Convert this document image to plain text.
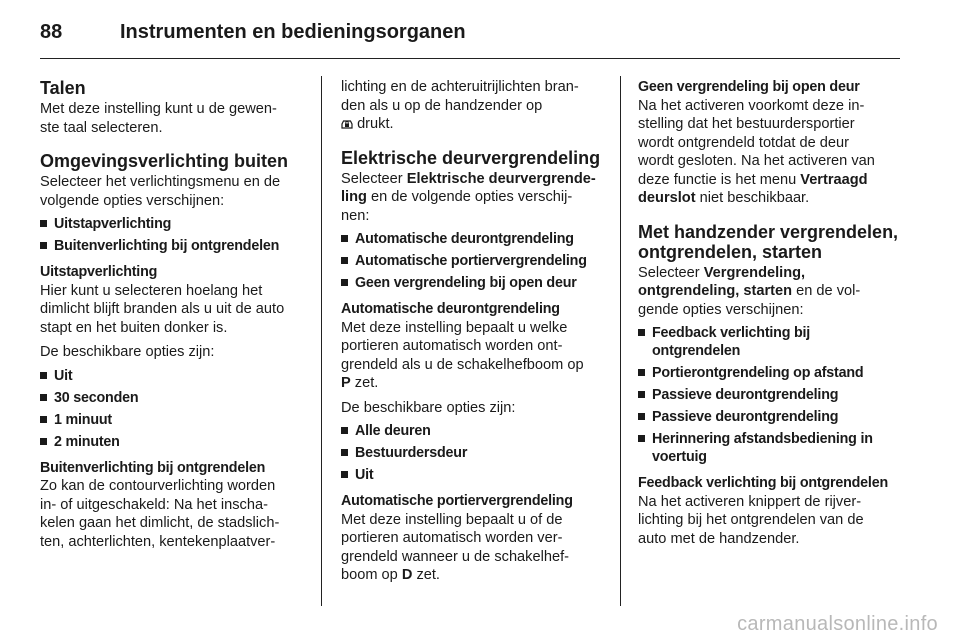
88	Instrumenten en bedieningsorganen
Talen

Met deze instelling kunt u de gewen-
ste taal selecteren.

Omgevingsverlichting buiten

Selecteer het verlichtingsmenu en de
volgende opties verschijnen:

Uitstapverlichting
Buitenverlichting bij ontgrendelen

Uitstapverlichting

Hier kunt u selecteren hoelang het
dimlicht blijft branden als u uit de auto
stapt en het buiten donker is.

De beschikbare opties zijn:

Uit
30 seconden
1 minuut
2 minuten

Buitenverlichting bij ontgrendelen

Zo kan de contourverlichting worden
in- of uitgeschakeld: Na het inscha-
kelen gaan het dimlicht, de stadslich-
ten, achterlichten, kentekenplaatver-

lichting en de achteruitrijlichten bran-
den als u op de handzender op
drukt.

Elektrische deurvergrendeling

Selecteer Elektrische deurvergrende-
ling en de volgende opties verschij-
nen:

Automatische deurontgrendeling
Automatische portiervergrendeling
Geen vergrendeling bij open deur

Automatische deurontgrendeling

Met deze instelling bepaalt u welke
portieren automatisch worden ont-
grendeld als u de schakelhefboom op
P zet.

De beschikbare opties zijn:

Alle deuren
Bestuurdersdeur
Uit

Automatische portiervergrendeling

Met deze instelling bepaalt u of de
portieren automatisch worden ver-
grendeld wanneer u de schakelhef-
boom op D zet.

Geen vergrendeling bij open deur

Na het activeren voorkomt deze in-
stelling dat het bestuurdersportier
wordt ontgrendeld totdat de deur
wordt gesloten. Na het activeren van
deze functie is het menu Vertraagd
deurslot niet beschikbaar.

Met handzender vergrendelen,
ontgrendelen, starten

Selecteer Vergrendeling,
ontgrendeling, starten en de vol-
gende opties verschijnen:

Feedback verlichting bij
ontgrendelen
Portierontgrendeling op afstand
Passieve deurontgrendeling
Passieve deurontgrendeling
Herinnering afstandsbediening in
voertuig

Feedback verlichting bij ontgrendelen

Na het activeren knippert de rijver-
lichting bij het ontgrendelen van de
auto met de handzender.

carmanualsonline.info
